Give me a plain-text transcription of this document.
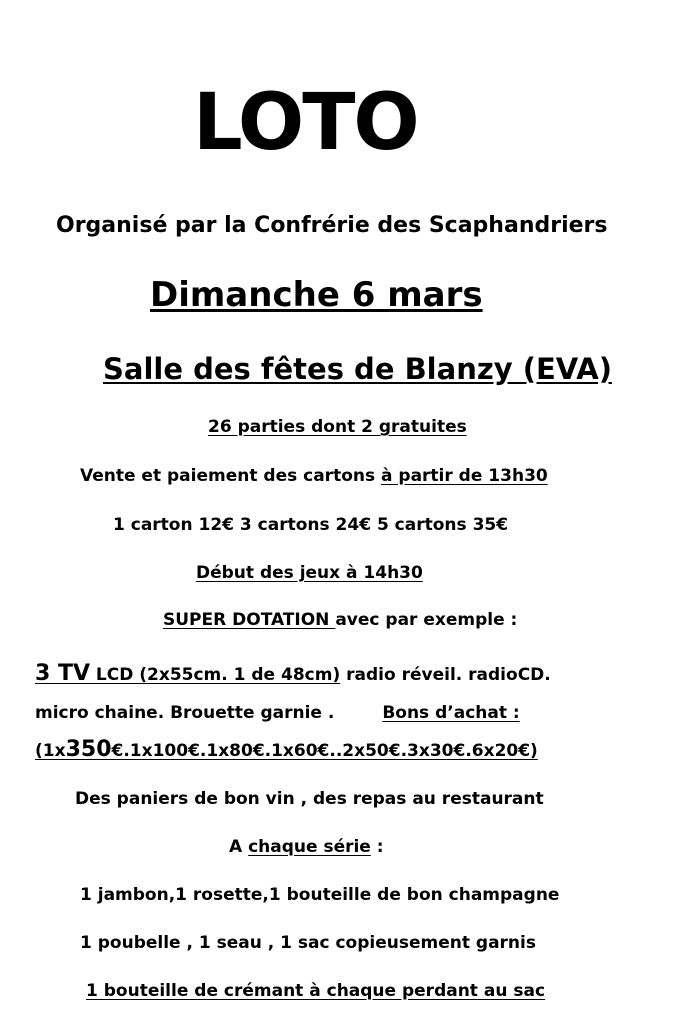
LOTO
Organisé par la Confrérie des Scaphandriers
Dimanche 6 mars
Salle des fêtes de Blanzy (EVA)
26 parties dont 2 gratuites
Vente et paiement des cartons à partir de 13h30
1 carton 12€ 3 cartons 24€ 5 cartons 35€
Début des jeux à 14h30
SUPER DOTATION avec par exemple :
3 TV LCD (2x55cm. 1 de 48cm) radio réveil. radioCD.
micro chaine. Brouette garnie .	Bons d’achat :
(1x350€.1x100€.1x80€.1x60€..2x50€.3x30€.6x20€)
Des paniers de bon vin , des repas au restaurant
A chaque série :
1 jambon,1 rosette,1 bouteille de bon champagne
1 poubelle , 1 seau , 1 sac copieusement garnis
1 bouteille de crémant à chaque perdant au sac
